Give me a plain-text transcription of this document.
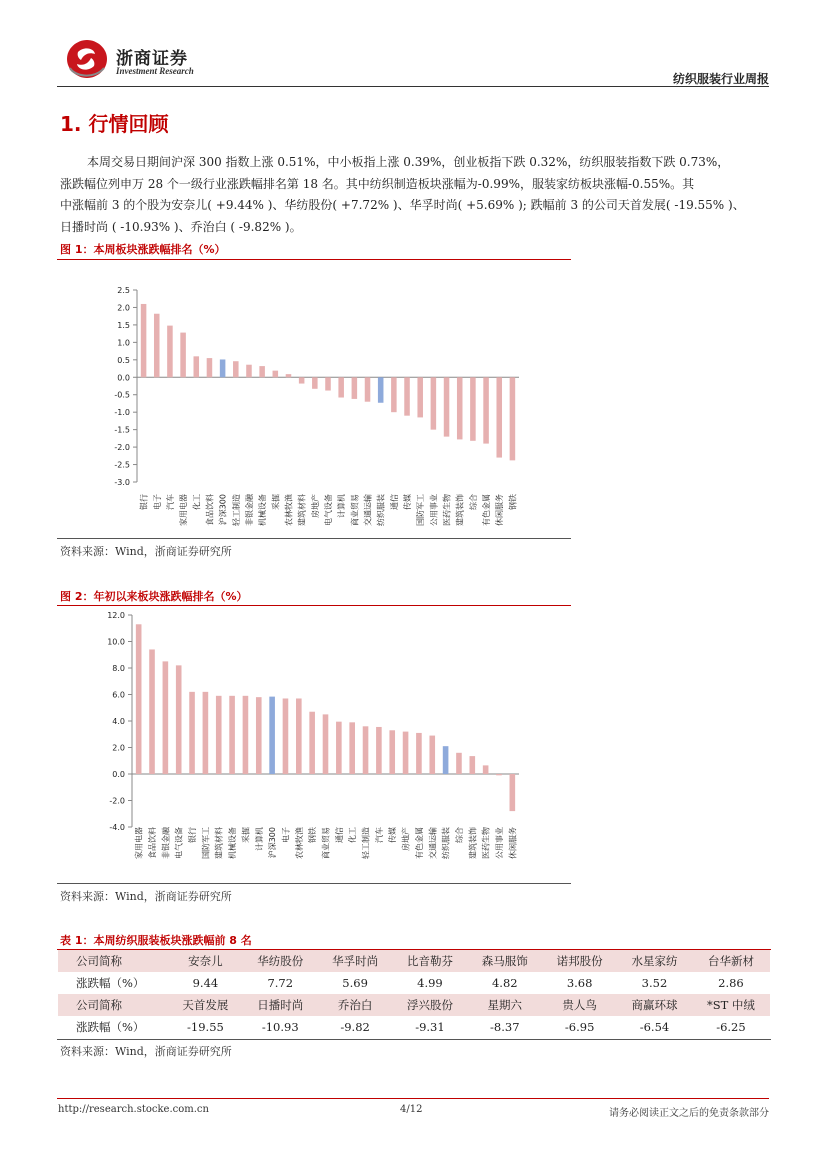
浙商证券
Investment Research
纺织服装行业周报
1. 行情回顾
本周交易日期间沪深 300 指数上涨 0.51%，中小板指上涨 0.39%，创业板指下跌 0.32%，纺织服装指数下跌 0.73%，
涨跌幅位列申万 28 个一级行业涨跌幅排名第 18 名。其中纺织制造板块涨幅为-0.99%，服装家纺板块涨幅-0.55%。其
中涨幅前 3 的个股为安奈儿( +9.44% )、华纺股份( +7.72% )、华孚时尚( +5.69% ); 跌幅前 3 的公司天首发展( -19.55% )、
日播时尚 ( -10.93% )、乔治白 ( -9.82% )。
图 1：本周板块涨跌幅排名（%）
2.5
2.0
1.5
1.0
0.5
0.0
-0.5
-1.0
-1.5
-2.0
-2.5
-3.0
银行 电子 汽车 家用电器 化工 食品饮料 沪深300 轻工制造 非银金融 机械设备 采掘 农林牧渔 建筑材料 房地产 电气设备 计算机 商业贸易 交通运输 纺织服装 通信 传媒 国防军工 公用事业 医药生物 建筑装饰 综合 有色金属 休闲服务 钢铁
资料来源：Wind，浙商证券研究所
图 2：年初以来板块涨跌幅排名（%）
12.0
10.0
8.0
6.0
4.0
2.0
0.0
-2.0
-4.0 家用电器 食品饮料 非银金融 电气设备 银行 国防军工 建筑材料 机械设备 采掘 计算机 沪深300 电子 农林牧渔 钢铁 商业贸易 通信 化工 轻工制造 汽车 传媒 房地产 有色金属 交通运输 纺织服装 综合 建筑装饰 医药生物 公用事业 休闲服务
资料来源：Wind，浙商证券研究所
表 1：本周纺织服装板块涨跌幅前 8 名
公司简称	安奈儿	华纺股份	华孚时尚	比音勒芬	森马服饰	诺邦股份	水星家纺	台华新材
涨跌幅（%）	9.44	7.72	5.69	4.99	4.82	3.68	3.52	2.86
公司简称	天首发展	日播时尚	乔治白	浮兴股份	星期六	贵人鸟	商赢环球	*ST 中绒
涨跌幅（%）	-19.55	-10.93	-9.82	-9.31	-8.37	-6.95	-6.54	-6.25
资料来源：Wind，浙商证券研究所
http://research.stocke.com.cn	4/12	请务必阅读正文之后的免责条款部分
